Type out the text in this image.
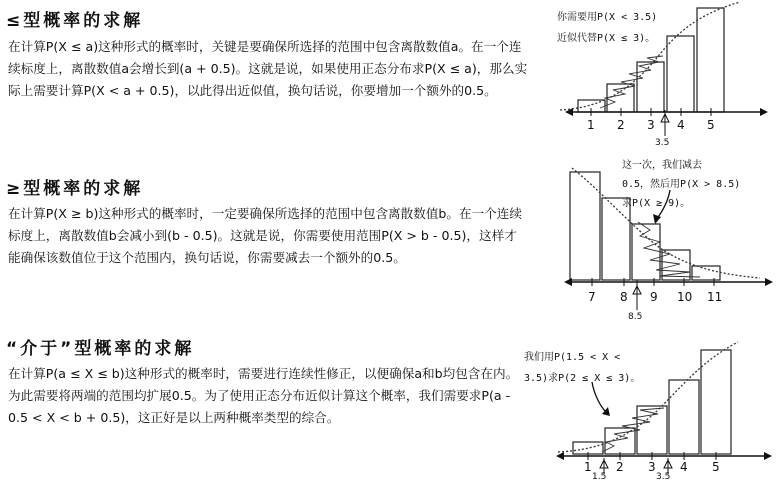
≤型概率的求解
在计算P(X ≤ a)这种形式的概率时，关键是要确保所选择的范围中包含离散数值a。在一个连续标度上，离散数值a会增长到(a + 0.5)。这就是说，如果使用正态分布求P(X ≤ a)，那么实际上需要计算P(X < a + 0.5)，以此得出近似值，换句话说，你要增加一个额外的0.5。
你需要用P(X < 3.5)
近似代替P(X ≤ 3)。
1 2 3 4 5
3.5
≥型概率的求解
在计算P(X ≥ b)这种形式的概率时，一定要确保所选择的范围中包含离散数值b。在一个连续标度上，离散数值b会减小到(b - 0.5)。这就是说，你需要使用范围P(X > b - 0.5)，这样才能确保该数值位于这个范围内，换句话说，你需要减去一个额外的0.5。
这一次，我们减去
0.5，然后用P(X > 8.5)
求P(X ≥ 9)。
7 8 9 10 11
8.5
“介于”型概率的求解
在计算P(a ≤ X ≤ b)这种形式的概率时，需要进行连续性修正，以便确保a和b均包含在内。为此需要将两端的范围均扩展0.5。为了使用正态分布近似计算这个概率，我们需要求P(a - 0.5 < X < b + 0.5)，这正好是以上两种概率类型的综合。
我们用P(1.5 < X <
3.5)求P(2 ≤ X ≤ 3)。
1 2 3 4 5
1.5	3.5
